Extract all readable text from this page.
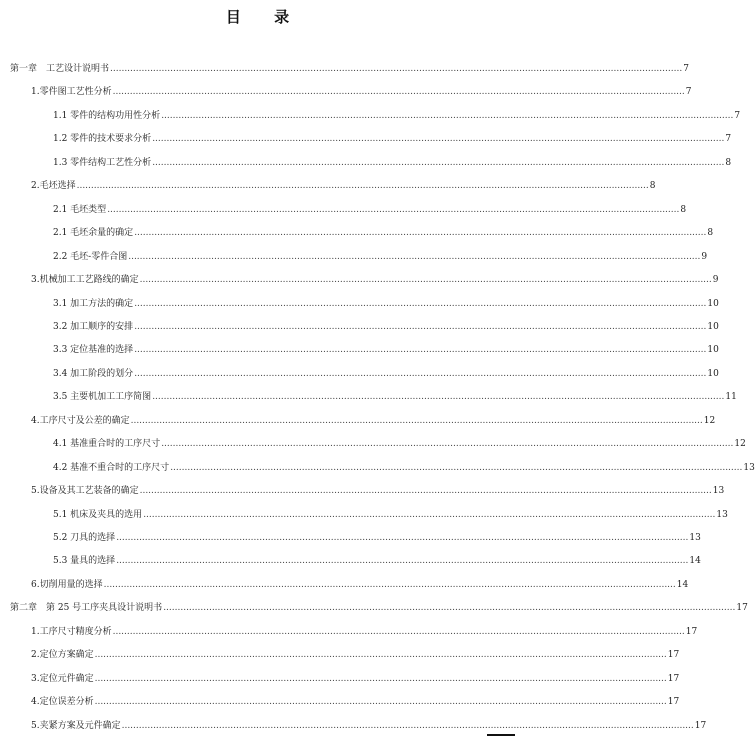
目 录
第一章　工艺设计说明书 ........................................................................................................................................................................................................ 7
1.零件图工艺性分析 ........................................................................................................................................................................................................ 7
1.1 零件的结构功用性分析 ........................................................................................................................................................................................................ 7
1.2 零件的技术要求分析 ........................................................................................................................................................................................................ 7
1.3 零件结构工艺性分析 ........................................................................................................................................................................................................ 8
2.毛坯选择 ........................................................................................................................................................................................................ 8
2.1 毛坯类型 ........................................................................................................................................................................................................ 8
2.1 毛坯余量的确定 ........................................................................................................................................................................................................ 8
2.2 毛坯-零件合图 ........................................................................................................................................................................................................ 9
3.机械加工工艺路线的确定 ........................................................................................................................................................................................................ 9
3.1 加工方法的确定 ........................................................................................................................................................................................................ 10
3.2 加工顺序的安排 ........................................................................................................................................................................................................ 10
3.3 定位基准的选择 ........................................................................................................................................................................................................ 10
3.4 加工阶段的划分 ........................................................................................................................................................................................................ 10
3.5 主要机加工工序简图 ........................................................................................................................................................................................................ 11
4.工序尺寸及公差的确定 ........................................................................................................................................................................................................ 12
4.1 基准重合时的工序尺寸 ........................................................................................................................................................................................................ 12
4.2 基准不重合时的工序尺寸 ........................................................................................................................................................................................................ 13
5.设备及其工艺装备的确定 ........................................................................................................................................................................................................ 13
5.1 机床及夹具的选用 ........................................................................................................................................................................................................ 13
5.2 刀具的选择 ........................................................................................................................................................................................................ 13
5.3 量具的选择 ........................................................................................................................................................................................................ 14
6.切削用量的选择 ........................................................................................................................................................................................................ 14
第二章　第 25 号工序夹具设计说明书 ........................................................................................................................................................................................................ 17
1.工序尺寸精度分析 ........................................................................................................................................................................................................ 17
2.定位方案确定 ........................................................................................................................................................................................................ 17
3.定位元件确定 ........................................................................................................................................................................................................ 17
4.定位误差分析 ........................................................................................................................................................................................................ 17
5.夹紧方案及元件确定 ........................................................................................................................................................................................................ 17
